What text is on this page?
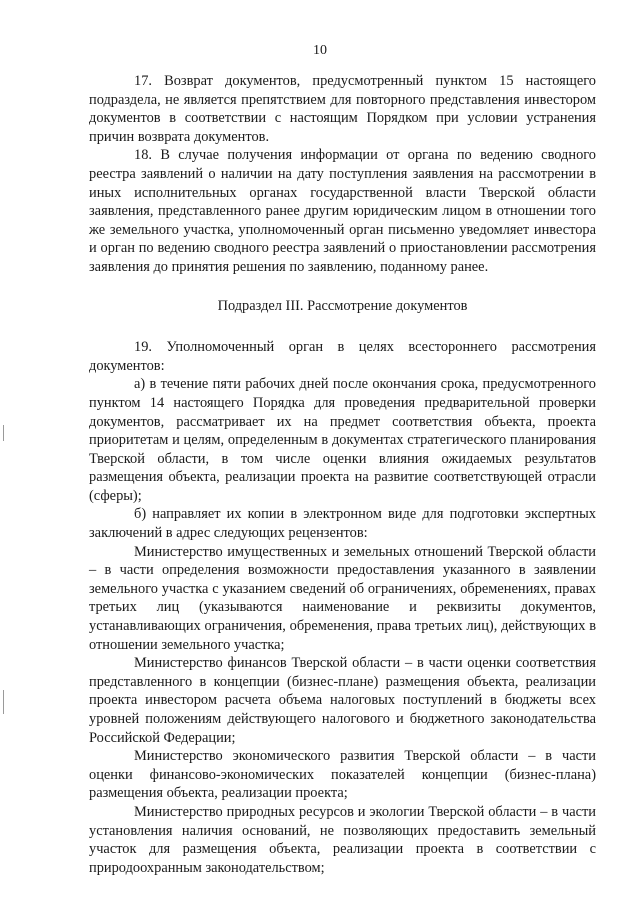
10

17. Возврат документов, предусмотренный пунктом 15 настоящего подраздела, не является препятствием для повторного представления инвестором документов в соответствии с настоящим Порядком при условии устранения причин возврата документов.

18. В случае получения информации от органа по ведению сводного реестра заявлений о наличии на дату поступления заявления на рассмотрении в иных исполнительных органах государственной власти Тверской области заявления, представленного ранее другим юридическим лицом в отношении того же земельного участка, уполномоченный орган письменно уведомляет инвестора и орган по ведению сводного реестра заявлений о приостановлении рассмотрения заявления до принятия решения по заявлению, поданному ранее.

Подраздел III. Рассмотрение документов

19. Уполномоченный орган в целях всестороннего рассмотрения документов:

а) в течение пяти рабочих дней после окончания срока, предусмотренного пунктом 14 настоящего Порядка для проведения предварительной проверки документов, рассматривает их на предмет соответствия объекта, проекта приоритетам и целям, определенным в документах стратегического планирования Тверской области, в том числе оценки влияния ожидаемых результатов размещения объекта, реализации проекта на развитие соответствующей отрасли (сферы);

б) направляет их копии в электронном виде для подготовки экспертных заключений в адрес следующих рецензентов:

Министерство имущественных и земельных отношений Тверской области – в части определения возможности предоставления указанного в заявлении земельного участка с указанием сведений об ограничениях, обременениях, правах третьих лиц (указываются наименование и реквизиты документов, устанавливающих ограничения, обременения, права третьих лиц), действующих в отношении земельного участка;

Министерство финансов Тверской области – в части оценки соответствия представленного в концепции (бизнес-плане) размещения объекта, реализации проекта инвестором расчета объема налоговых поступлений в бюджеты всех уровней положениям действующего налогового и бюджетного законодательства Российской Федерации;

Министерство экономического развития Тверской области – в части оценки финансово-экономических показателей концепции (бизнес-плана) размещения объекта, реализации проекта;

Министерство природных ресурсов и экологии Тверской области – в части установления наличия оснований, не позволяющих предоставить земельный участок для размещения объекта, реализации проекта в соответствии с природоохранным законодательством;
